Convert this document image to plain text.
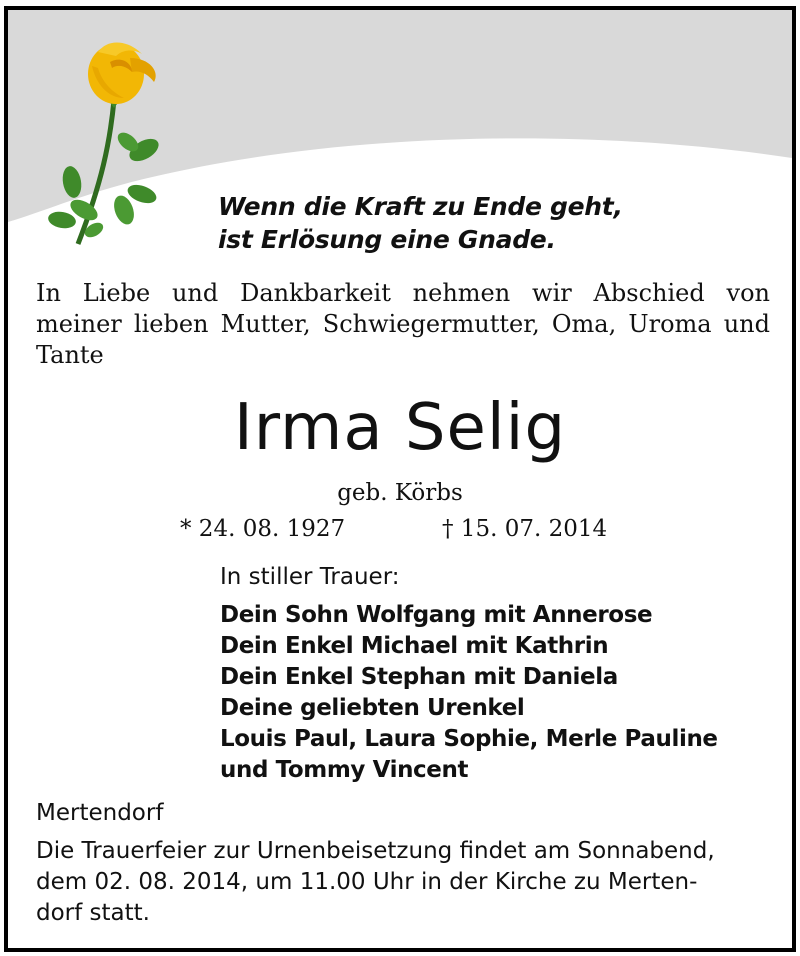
Wenn die Kraft zu Ende geht,
ist Erlösung eine Gnade.
In Liebe und Dankbarkeit nehmen wir Abschied von meiner lieben Mutter, Schwiegermutter, Oma, Uroma und Tante
Irma Selig
geb. Körbs
* 24. 08. 1927	† 15. 07. 2014
In stiller Trauer:
Dein Sohn Wolfgang mit Annerose
Dein Enkel Michael mit Kathrin
Dein Enkel Stephan mit Daniela
Deine geliebten Urenkel
Louis Paul, Laura Sophie, Merle Pauline
und Tommy Vincent
Mertendorf
Die Trauerfeier zur Urnenbeisetzung findet am Sonnabend,
dem 02. 08. 2014, um 11.00 Uhr in der Kirche zu Merten-
dorf statt.
